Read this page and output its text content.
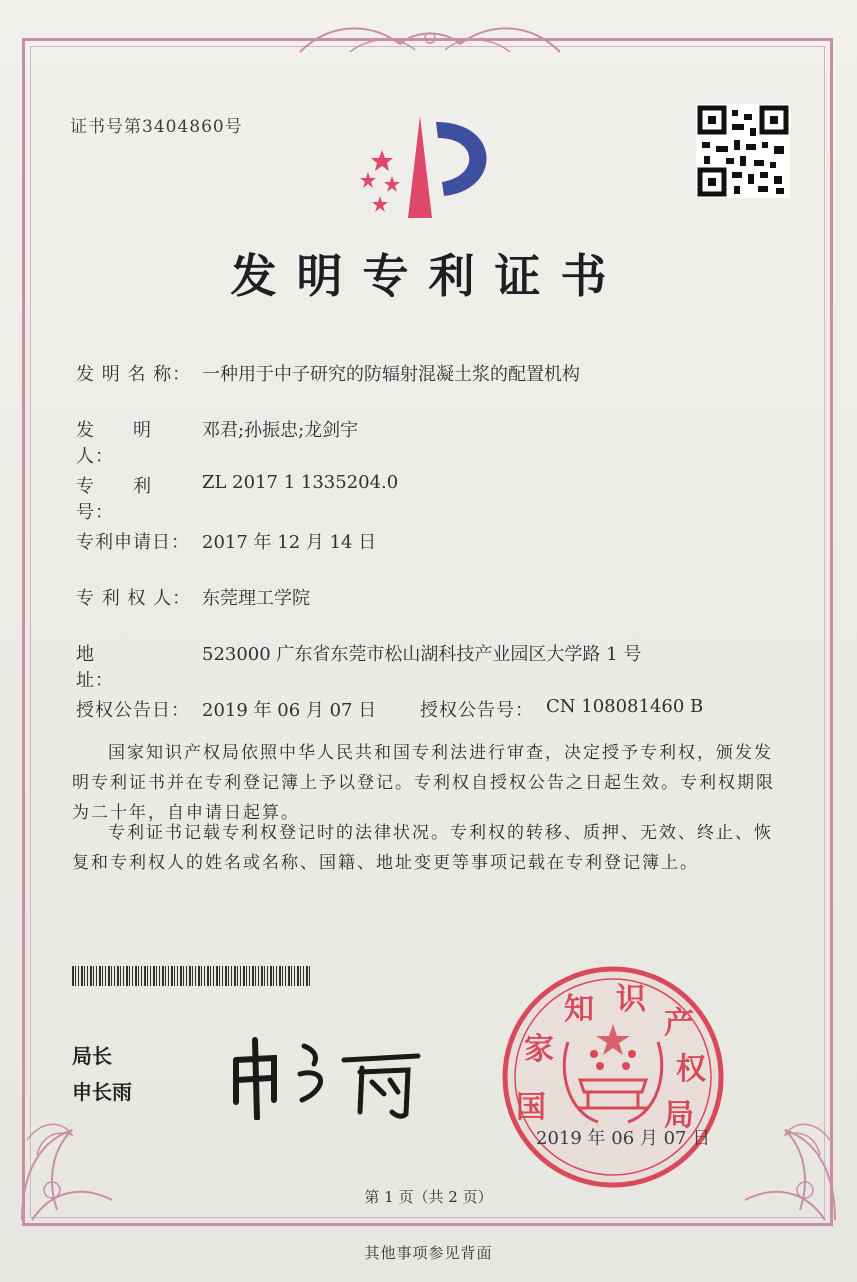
证书号第3404860号
发明专利证书
发 明 名 称： 一种用于中子研究的防辐射混凝土浆的配置机构
发　　明　人：
邓君;孙振忠;龙剑宇
专　　利　号：
ZL 2017 1 1335204.0
专利申请日： 2017 年 12 月 14 日
专 利 权 人： 东莞理工学院
地　　　　址：
523000 广东省东莞市松山湖科技产业园区大学路 1 号
授权公告日： 2019 年 06 月 07 日 授权公告号： CN 108081460 B
国家知识产权局依照中华人民共和国专利法进行审查，决定授予专利权，颁发发明专利证书并在专利登记簿上予以登记。专利权自授权公告之日起生效。专利权期限为二十年，自申请日起算。
专利证书记载专利权登记时的法律状况。专利权的转移、质押、无效、终止、恢复和专利权人的姓名或名称、国籍、地址变更等事项记载在专利登记簿上。
局长
申长雨	国
家
知 识
产
权
局
2019 年 06 月 07 日
第 1 页（共 2 页）
其他事项参见背面
